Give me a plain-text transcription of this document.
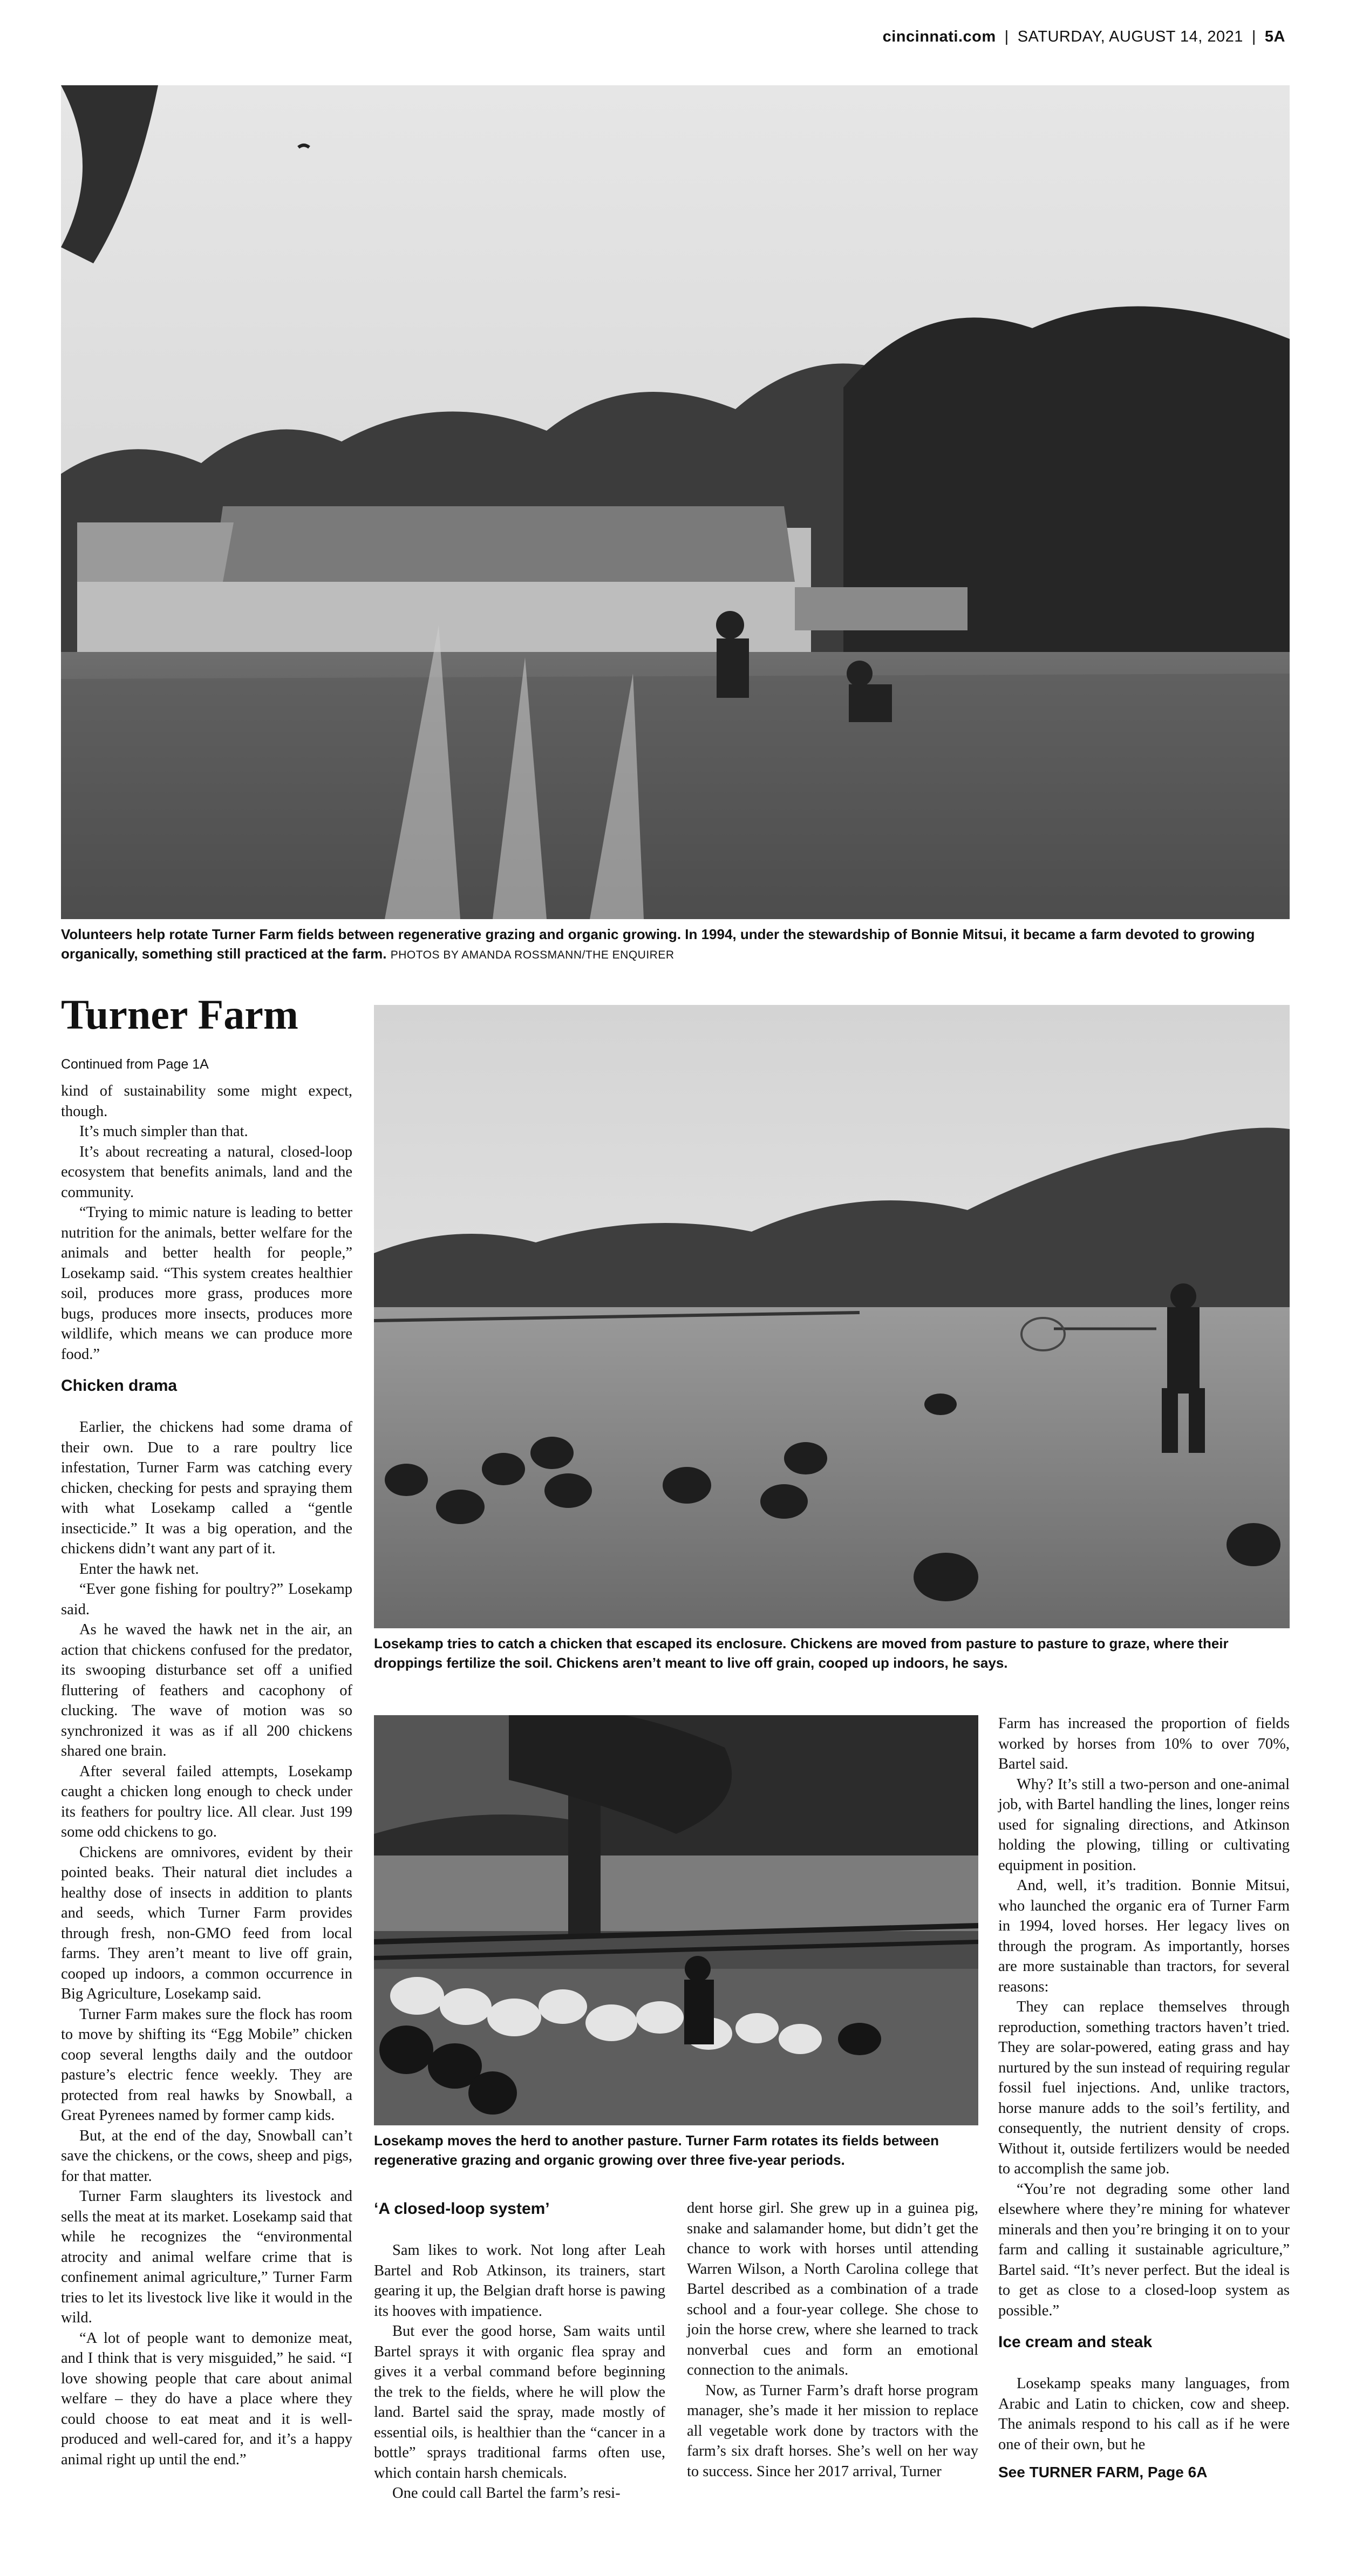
cincinnati.com | SATURDAY, AUGUST 14, 2021 | 5A
Volunteers help rotate Turner Farm fields between regenerative grazing and organic growing. In 1994, under the stewardship of Bonnie Mitsui, it became a farm devoted to growing organically, something still practiced at the farm. PHOTOS BY AMANDA ROSSMANN/THE ENQUIRER
Turner Farm
Continued from Page 1A

kind of sustainability some might expect, though.

It’s much simpler than that.

It’s about recreating a natural, closed-loop ecosystem that benefits animals, land and the community.

“Trying to mimic nature is leading to better nutrition for the animals, better welfare for the animals and better health for people,” Losekamp said. “This system creates healthier soil, produces more grass, produces more bugs, produces more insects, produces more wildlife, which means we can produce more food.”

Chicken drama

Earlier, the chickens had some drama of their own. Due to a rare poultry lice infestation, Turner Farm was catching every chicken, checking for pests and spraying them with what Losekamp called a “gentle insecticide.” It was a big operation, and the chickens didn’t want any part of it.

Enter the hawk net.

“Ever gone fishing for poultry?” Losekamp said.

As he waved the hawk net in the air, an action that chickens confused for the predator, its swooping disturbance set off a unified fluttering of feathers and cacophony of clucking. The wave of motion was so synchronized it was as if all 200 chickens shared one brain.

After several failed attempts, Losekamp caught a chicken long enough to check under its feathers for poultry lice. All clear. Just 199 some odd chickens to go.

Chickens are omnivores, evident by their pointed beaks. Their natural diet includes a healthy dose of insects in addition to plants and seeds, which Turner Farm provides through fresh, non-GMO feed from local farms. They aren’t meant to live off grain, cooped up indoors, a common occurrence in Big Agriculture, Losekamp said.

Turner Farm makes sure the flock has room to move by shifting its “Egg Mobile” chicken coop several lengths daily and the outdoor pasture’s electric fence weekly. They are protected from real hawks by Snowball, a Great Pyrenees named by former camp kids.

But, at the end of the day, Snowball can’t save the chickens, or the cows, sheep and pigs, for that matter.

Turner Farm slaughters its livestock and sells the meat at its market. Losekamp said that while he recognizes the “environmental atrocity and animal welfare crime that is confinement animal agriculture,” Turner Farm tries to let its livestock live like it would in the wild.

“A lot of people want to demonize meat, and I think that is very misguided,” he said. “I love showing people that care about animal welfare – they do have a place where they could choose to eat meat and it is well-produced and well-cared for, and it’s a happy animal right up until the end.”

Losekamp tries to catch a chicken that escaped its enclosure. Chickens are moved from pasture to pasture to graze, where their droppings fertilize the soil. Chickens aren’t meant to live off grain, cooped up indoors, he says.
Losekamp moves the herd to another pasture. Turner Farm rotates its fields between regenerative grazing and organic growing over three five-year periods.

‘A closed-loop system’

Sam likes to work. Not long after Leah Bartel and Rob Atkinson, its trainers, start gearing it up, the Belgian draft horse is pawing its hooves with impatience.

But ever the good horse, Sam waits until Bartel sprays it with organic flea spray and gives it a verbal command before beginning the trek to the fields, where he will plow the land. Bartel said the spray, made mostly of essential oils, is healthier than the “cancer in a bottle” sprays traditional farms often use, which contain harsh chemicals.

One could call Bartel the farm’s resi-

dent horse girl. She grew up in a guinea pig, snake and salamander home, but didn’t get the chance to work with horses until attending Warren Wilson, a North Carolina college that Bartel described as a combination of a trade school and a four-year college. She chose to join the horse crew, where she learned to track nonverbal cues and form an emotional connection to the animals.

Now, as Turner Farm’s draft horse program manager, she’s made it her mission to replace all vegetable work done by tractors with the farm’s six draft horses. She’s well on her way to success. Since her 2017 arrival, Turner

Farm has increased the proportion of fields worked by horses from 10% to over 70%, Bartel said.

Why? It’s still a two-person and one-animal job, with Bartel handling the lines, longer reins used for signaling directions, and Atkinson holding the plowing, tilling or cultivating equipment in position.

And, well, it’s tradition. Bonnie Mitsui, who launched the organic era of Turner Farm in 1994, loved horses. Her legacy lives on through the program. As importantly, horses are more sustainable than tractors, for several reasons:

They can replace themselves through reproduction, something tractors haven’t tried. They are solar-powered, eating grass and hay nurtured by the sun instead of requiring regular fossil fuel injections. And, unlike tractors, horse manure adds to the soil’s fertility, and consequently, the nutrient density of crops. Without it, outside fertilizers would be needed to accomplish the same job.

“You’re not degrading some other land elsewhere where they’re mining for whatever minerals and then you’re bringing it on to your farm and calling it sustainable agriculture,” Bartel said. “It’s never perfect. But the ideal is to get as close to a closed-loop system as possible.”

Ice cream and steak

Losekamp speaks many languages, from Arabic and Latin to chicken, cow and sheep. The animals respond to his call as if he were one of their own, but he

See TURNER FARM, Page 6A
